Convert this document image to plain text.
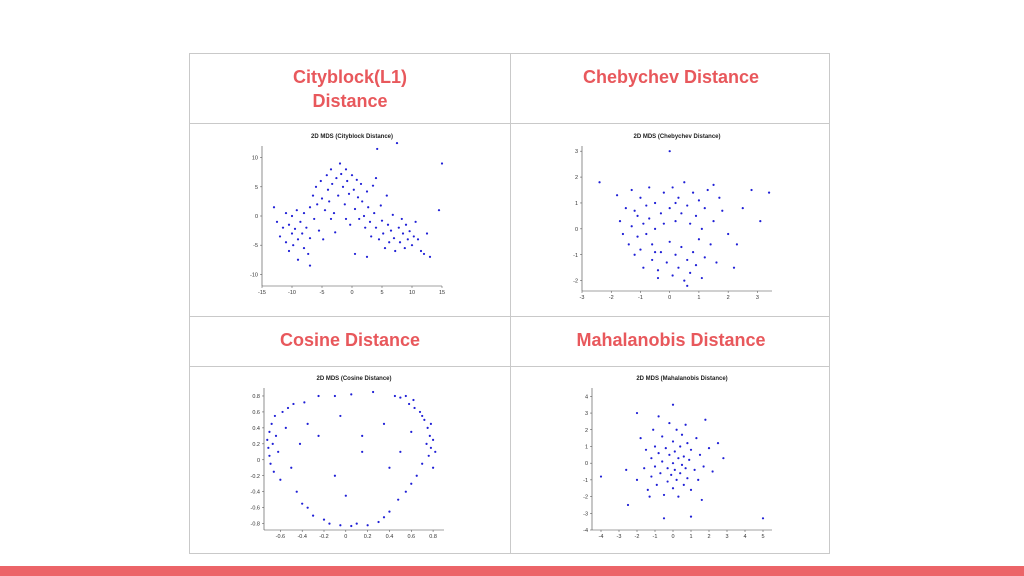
Cityblock(L1)
Distance
Chebychev Distance
2D MDS (Cityblock Distance)
-15	-10	-5	0	5	10	15
-10
-5
0
5
10
2D MDS (Chebychev Distance)
-3	-2	-1	0	1	2	3
-2
-1
0
1
2
3
Cosine Distance	Mahalanobis Distance
2D MDS (Cosine Distance)
-0.6 -0.4 -0.2	0	0.2	0.4	0.6	0.8
0.8
0.6
0.4
0.2
0
-0.2
-0.4
-0.6
-0.8
2D MDS (Mahalanobis Distance)
-4 -3 -2 -1	0	1	2	3	4	5
4
3
2
1
0
-1
-2
-3
-4
